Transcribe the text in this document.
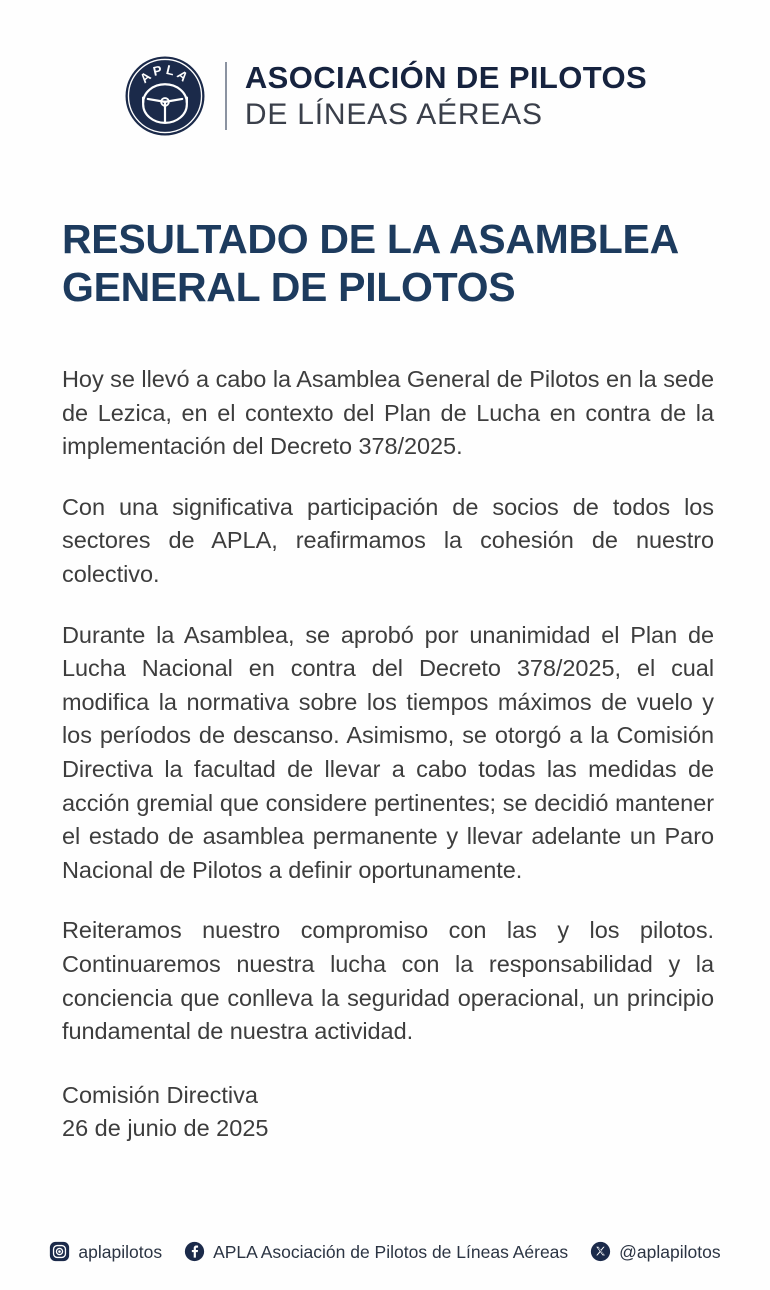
APLA ASOCIACIÓN DE PILOTOS
DE LÍNEAS AÉREAS
RESULTADO DE LA ASAMBLEA GENERAL DE PILOTOS

Hoy se llevó a cabo la Asamblea General de Pilotos en la sede de Lezica, en el contexto del Plan de Lucha en contra de la implementación del Decreto 378/2025.

Con una significativa participación de socios de todos los sectores de APLA, reafirmamos la cohesión de nuestro colectivo.

Durante la Asamblea, se aprobó por unanimidad el Plan de Lucha Nacional en contra del Decreto 378/2025, el cual modifica la normativa sobre los tiempos máximos de vuelo y los períodos de descanso. Asimismo, se otorgó a la Comisión Directiva la facultad de llevar a cabo todas las medidas de acción gremial que considere pertinentes; se decidió mantener el estado de asamblea permanente y llevar adelante un Paro Nacional de Pilotos a definir oportunamente.

Reiteramos nuestro compromiso con las y los pilotos. Continuaremos nuestra lucha con la responsabilidad y la conciencia que conlleva la seguridad operacional, un principio fundamental de nuestra actividad.

Comisión Directiva
26 de junio de 2025
aplapilotos	APLA Asociación de Pilotos de Líneas Aéreas	@aplapilotos
